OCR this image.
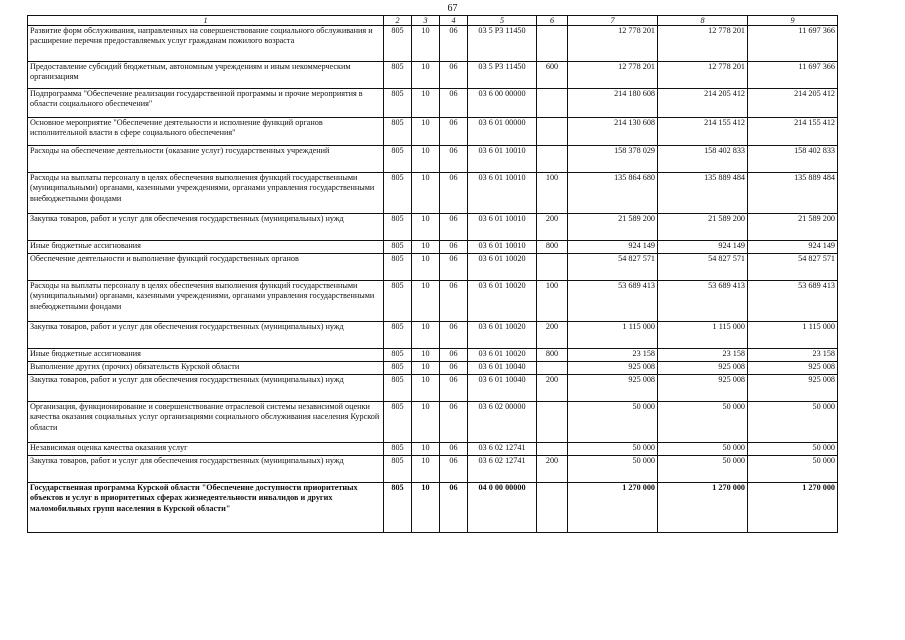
67
1	2	3	4	5	6	7	8	9
Развитие форм обслуживания, направленных на совершенствование социального обслуживания и расширение перечня предоставляемых услуг гражданам пожилого возраста	805	10	06	03 5 P3 11450		12 778 201	12 778 201	11 697 366
Предоставление субсидий бюджетным, автономным учреждениям и иным некоммерческим организациям	805	10	06	03 5 P3 11450	600	12 778 201	12 778 201	11 697 366
Подпрограмма "Обеспечение реализации государственной программы и прочие мероприятия в области социального обеспечения"	805	10	06	03 6 00 00000		214 180 608	214 205 412	214 205 412
Основное мероприятие "Обеспечение деятельности и исполнение функций органов исполнительной власти в сфере социального обеспечения"	805	10	06	03 6 01 00000		214 130 608	214 155 412	214 155 412
Расходы на обеспечение деятельности (оказание услуг) государственных учреждений	805	10	06	03 6 01 10010		158 378 029	158 402 833	158 402 833
Расходы на выплаты персоналу в целях обеспечения выполнения функций государственными (муниципальными) органами, казенными учреждениями, органами управления государственными внебюджетными фондами	805	10	06	03 6 01 10010	100	135 864 680	135 889 484	135 889 484
Закупка товаров, работ и услуг для обеспечения государственных (муниципальных) нужд	805	10	06	03 6 01 10010	200	21 589 200	21 589 200	21 589 200
Иные бюджетные ассигнования	805	10	06	03 6 01 10010	800	924 149	924 149	924 149
Обеспечение деятельности и выполнение функций государственных органов	805	10	06	03 6 01 10020		54 827 571	54 827 571	54 827 571
Расходы на выплаты персоналу в целях обеспечения выполнения функций государственными (муниципальными) органами, казенными учреждениями, органами управления государственными внебюджетными фондами	805	10	06	03 6 01 10020	100	53 689 413	53 689 413	53 689 413
Закупка товаров, работ и услуг для обеспечения государственных (муниципальных) нужд	805	10	06	03 6 01 10020	200	1 115 000	1 115 000	1 115 000
Иные бюджетные ассигнования	805	10	06	03 6 01 10020	800	23 158	23 158	23 158
Выполнение других (прочих) обязательств Курской области	805	10	06	03 6 01 10040		925 008	925 008	925 008
Закупка товаров, работ и услуг для обеспечения государственных (муниципальных) нужд	805	10	06	03 6 01 10040	200	925 008	925 008	925 008
Организация, функционирование и совершенствование отраслевой системы независимой оценки качества оказания социальных услуг организациями социального обслуживания населения Курской области	805	10	06	03 6 02 00000		50 000	50 000	50 000
Независимая оценка качества оказания услуг	805	10	06	03 6 02 12741		50 000	50 000	50 000
Закупка товаров, работ и услуг для обеспечения государственных (муниципальных) нужд	805	10	06	03 6 02 12741	200	50 000	50 000	50 000
Государственная программа Курской области "Обеспечение доступности приоритетных объектов и услуг в приоритетных сферах жизнедеятельности инвалидов и других маломобильных групп населения в Курской области"	805	10	06	04 0 00 00000		1 270 000	1 270 000	1 270 000
